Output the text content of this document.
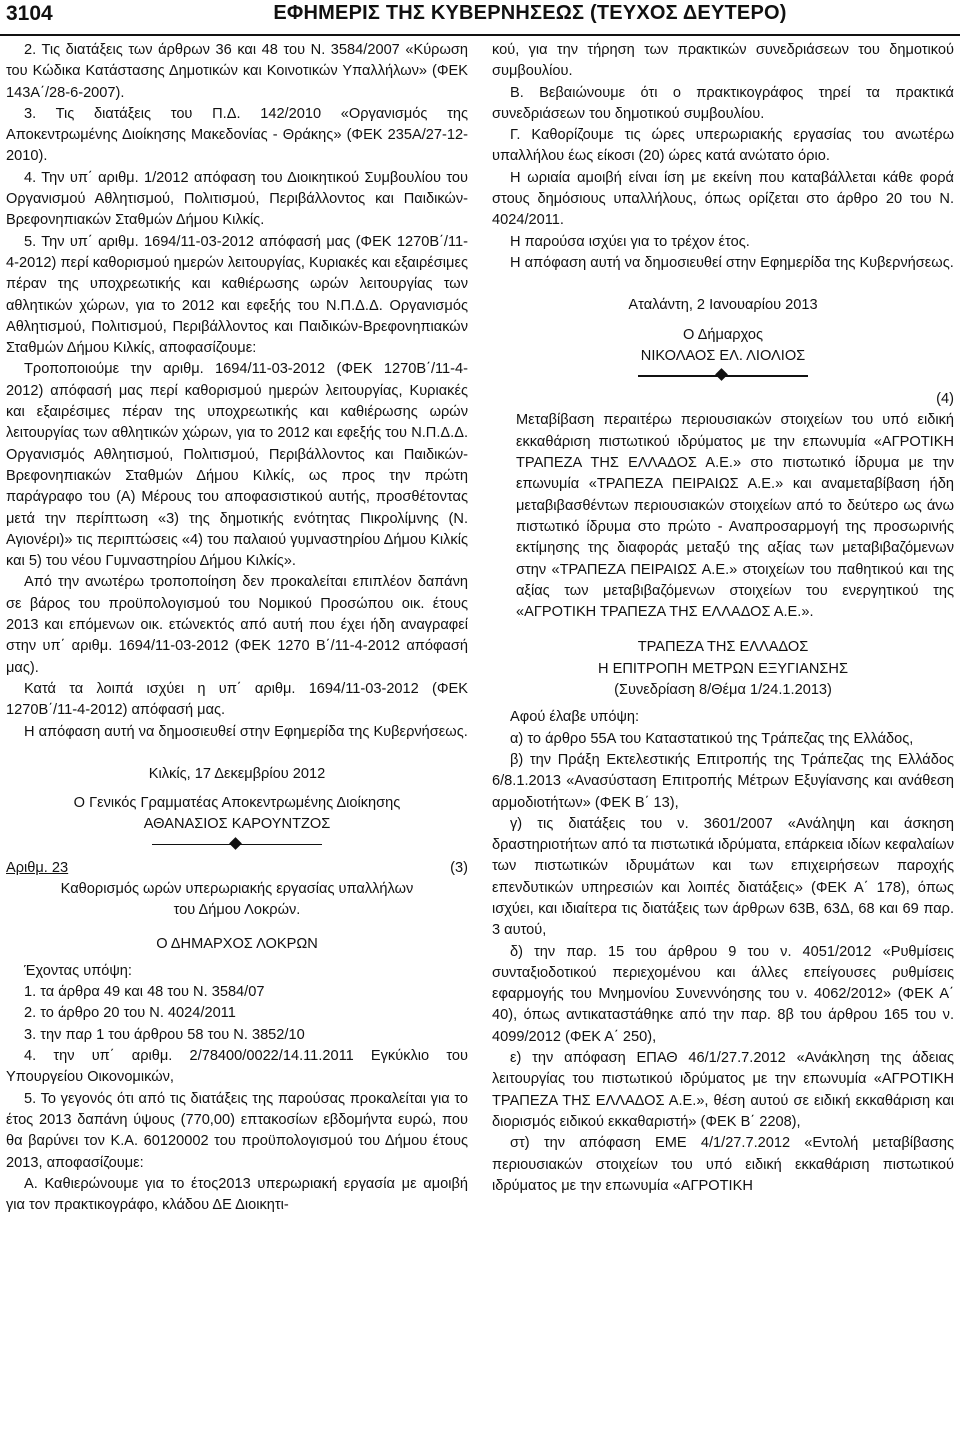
3104	ΕΦΗΜΕΡΙΣ ΤΗΣ ΚΥΒΕΡΝΗΣΕΩΣ (ΤΕΥΧΟΣ ΔΕΥΤΕΡΟ)

2. Τις διατάξεις των άρθρων 36 και 48 του Ν. 3584/2007 «Κύρωση του Κώδικα Κατάστασης Δημοτικών και Κοινοτικών Υπαλλήλων» (ΦΕΚ 143Α΄/28-6-2007).

3. Τις διατάξεις του Π.Δ. 142/2010 «Οργανισμός της Αποκεντρωμένης Διοίκησης Μακεδονίας - Θράκης» (ΦΕΚ 235Α/27-12-2010).

4. Την υπ΄ αριθμ. 1/2012 απόφαση του Διοικητικού Συμβουλίου του Οργανισμού Αθλητισμού, Πολιτισμού, Περιβάλλοντος και Παιδικών-Βρεφονηπιακών Σταθμών Δήμου Κιλκίς.

5. Την υπ΄ αριθμ. 1694/11-03-2012 απόφασή μας (ΦΕΚ 1270Β΄/11-4-2012) περί καθορισμού ημερών λειτουργίας, Κυριακές και εξαιρέσιμες πέραν της υποχρεωτικής και καθιέρωσης ωρών λειτουργίας των αθλητικών χώρων, για το 2012 και εφεξής του Ν.Π.Δ.Δ. Οργανισμός Αθλητισμού, Πολιτισμού, Περιβάλλοντος και Παιδικών-Βρεφονηπιακών Σταθμών Δήμου Κιλκίς, αποφασίζουμε:

Τροποποιούμε την αριθμ. 1694/11-03-2012 (ΦΕΚ 1270Β΄/11-4-2012) απόφασή μας περί καθορισμού ημερών λειτουργίας, Κυριακές και εξαιρέσιμες πέραν της υποχρεωτικής και καθιέρωσης ωρών λειτουργίας των αθλητικών χώρων, για το 2012 και εφεξής του Ν.Π.Δ.Δ. Οργανισμός Αθλητισμού, Πολιτισμού, Περιβάλλοντος και Παιδικών-Βρεφονηπιακών Σταθμών Δήμου Κιλκίς, ως προς την πρώτη παράγραφο του (Α) Μέρους του αποφασιστικού αυτής, προσθέτοντας μετά την περίπτωση «3) της δημοτικής ενότητας Πικρολίμνης (Ν. Αγιονέρι)» τις περιπτώσεις «4) του παλαιού γυμναστηρίου Δήμου Κιλκίς και 5) του νέου Γυμναστηρίου Δήμου Κιλκίς».

Από την ανωτέρω τροποποίηση δεν προκαλείται επιπλέον δαπάνη σε βάρος του προϋπολογισμού του Νομικού Προσώπου οικ. έτους 2013 και επόμενων οικ. ετώνεκτός από αυτή που έχει ήδη αναγραφεί στην υπ΄ αριθμ. 1694/11-03-2012 (ΦΕΚ 1270 Β΄/11-4-2012 απόφασή μας).

Κατά τα λοιπά ισχύει η υπ΄ αριθμ. 1694/11-03-2012 (ΦΕΚ 1270Β΄/11-4-2012) απόφασή μας.

Η απόφαση αυτή να δημοσιευθεί στην Εφημερίδα της Κυβερνήσεως.

Κιλκίς, 17 Δεκεμβρίου 2012

Ο Γενικός Γραμματέας Αποκεντρωμένης Διοίκησης

ΑΘΑΝΑΣΙΟΣ ΚΑΡΟΥΝΤΖΟΣ

Αριθμ. 23	(3)

Καθορισμός ωρών υπερωριακής εργασίας υπαλλήλων του Δήμου Λοκρών.

Ο ΔΗΜΑΡΧΟΣ ΛΟΚΡΩΝ

Έχοντας υπόψη:

1. τα άρθρα 49 και 48 του Ν. 3584/07

2. το άρθρο 20 του Ν. 4024/2011

3. την παρ 1 του άρθρου 58 του Ν. 3852/10

4. την υπ΄ αριθμ. 2/78400/0022/14.11.2011 Εγκύκλιο του Υπουργείου Οικονομικών,

5. Το γεγονός ότι από τις διατάξεις της παρούσας προκαλείται για το έτος 2013 δαπάνη ύψους (770,00) επτακοσίων εβδομήντα ευρώ, που θα βαρύνει τον Κ.Α. 60120002 του προϋπολογισμού του Δήμου έτους 2013, αποφασίζουμε:

Α. Καθιερώνουμε για το έτος2013 υπερωριακή εργασία με αμοιβή για τον πρακτικογράφο, κλάδου ΔΕ Διοικητι-

κού, για την τήρηση των πρακτικών συνεδριάσεων του δημοτικού συμβουλίου.

Β. Βεβαιώνουμε ότι ο πρακτικογράφος τηρεί τα πρακτικά συνεδριάσεων του δημοτικού συμβουλίου.

Γ. Καθορίζουμε τις ώρες υπερωριακής εργασίας του ανωτέρω υπαλλήλου έως είκοσι (20) ώρες κατά ανώτατο όριο.

Η ωριαία αμοιβή είναι ίση με εκείνη που καταβάλλεται κάθε φορά στους δημόσιους υπαλλήλους, όπως ορίζεται στο άρθρο 20 του Ν. 4024/2011.

Η παρούσα ισχύει για το τρέχον έτος.

Η απόφαση αυτή να δημοσιευθεί στην Εφημερίδα της Κυβερνήσεως.

Αταλάντη, 2 Ιανουαρίου 2013

Ο Δήμαρχος

ΝΙΚΟΛΑΟΣ ΕΛ. ΛΙΟΛΙΟΣ

(4)

Μεταβίβαση περαιτέρω περιουσιακών στοιχείων του υπό ειδική εκκαθάριση πιστωτικού ιδρύματος με την επωνυμία «ΑΓΡΟΤΙΚΗ ΤΡΑΠΕΖΑ ΤΗΣ ΕΛΛΑΔΟΣ Α.Ε.» στο πιστωτικό ίδρυμα με την επωνυμία «ΤΡΑΠΕΖΑ ΠΕΙΡΑΙΩΣ Α.Ε.» και αναμεταβίβαση ήδη μεταβιβασθέντων περιουσιακών στοιχείων από το δεύτερο ως άνω πιστωτικό ίδρυμα στο πρώτο - Αναπροσαρμογή της προσωρινής εκτίμησης της διαφοράς μεταξύ της αξίας των μεταβιβαζόμενων στην «ΤΡΑΠΕΖΑ ΠΕΙΡΑΙΩΣ Α.Ε.» στοιχείων του παθητικού και της αξίας των μεταβιβαζόμενων στοιχείων του ενεργητικού της «ΑΓΡΟΤΙΚΗ ΤΡΑΠΕΖΑ ΤΗΣ ΕΛΛΑΔΟΣ Α.Ε.».

ΤΡΑΠΕΖΑ ΤΗΣ ΕΛΛΑΔΟΣ

Η ΕΠΙΤΡΟΠΗ ΜΕΤΡΩΝ ΕΞΥΓΙΑΝΣΗΣ

(Συνεδρίαση 8/Θέμα 1/24.1.2013)

Αφού έλαβε υπόψη:

α) το άρθρο 55Α του Καταστατικού της Τράπεζας της Ελλάδος,

β) την Πράξη Εκτελεστικής Επιτροπής της Τράπεζας της Ελλάδος 6/8.1.2013 «Ανασύσταση Επιτροπής Μέτρων Εξυγίανσης και ανάθεση αρμοδιοτήτων» (ΦΕΚ Β΄ 13),

γ) τις διατάξεις του ν. 3601/2007 «Ανάληψη και άσκηση δραστηριοτήτων από τα πιστωτικά ιδρύματα, επάρκεια ιδίων κεφαλαίων των πιστωτικών ιδρυμάτων και των επιχειρήσεων παροχής επενδυτικών υπηρεσιών και λοιπές διατάξεις» (ΦΕΚ Α΄ 178), όπως ισχύει, και ιδιαίτερα τις διατάξεις των άρθρων 63Β, 63Δ, 68 και 69 παρ. 3 αυτού,

δ) την παρ. 15 του άρθρου 9 του ν. 4051/2012 «Ρυθμίσεις συνταξιοδοτικού περιεχομένου και άλλες επείγουσες ρυθμίσεις εφαρμογής του Μνημονίου Συνεννόησης του ν. 4062/2012» (ΦΕΚ Α΄ 40), όπως αντικαταστάθηκε από την παρ. 8β του άρθρου 165 του ν. 4099/2012 (ΦΕΚ Α΄ 250),

ε) την απόφαση ΕΠΑΘ 46/1/27.7.2012 «Ανάκληση της άδειας λειτουργίας του πιστωτικού ιδρύματος με την επωνυμία «ΑΓΡΟΤΙΚΗ ΤΡΑΠΕΖΑ ΤΗΣ ΕΛΛΑΔΟΣ Α.Ε.», θέση αυτού σε ειδική εκκαθάριση και διορισμός ειδικού εκκαθαριστή» (ΦΕΚ Β΄ 2208),

στ) την απόφαση ΕΜΕ 4/1/27.7.2012 «Εντολή μεταβίβασης περιουσιακών στοιχείων του υπό ειδική εκκαθάριση πιστωτικού ιδρύματος με την επωνυμία «ΑΓΡΟΤΙΚΗ
